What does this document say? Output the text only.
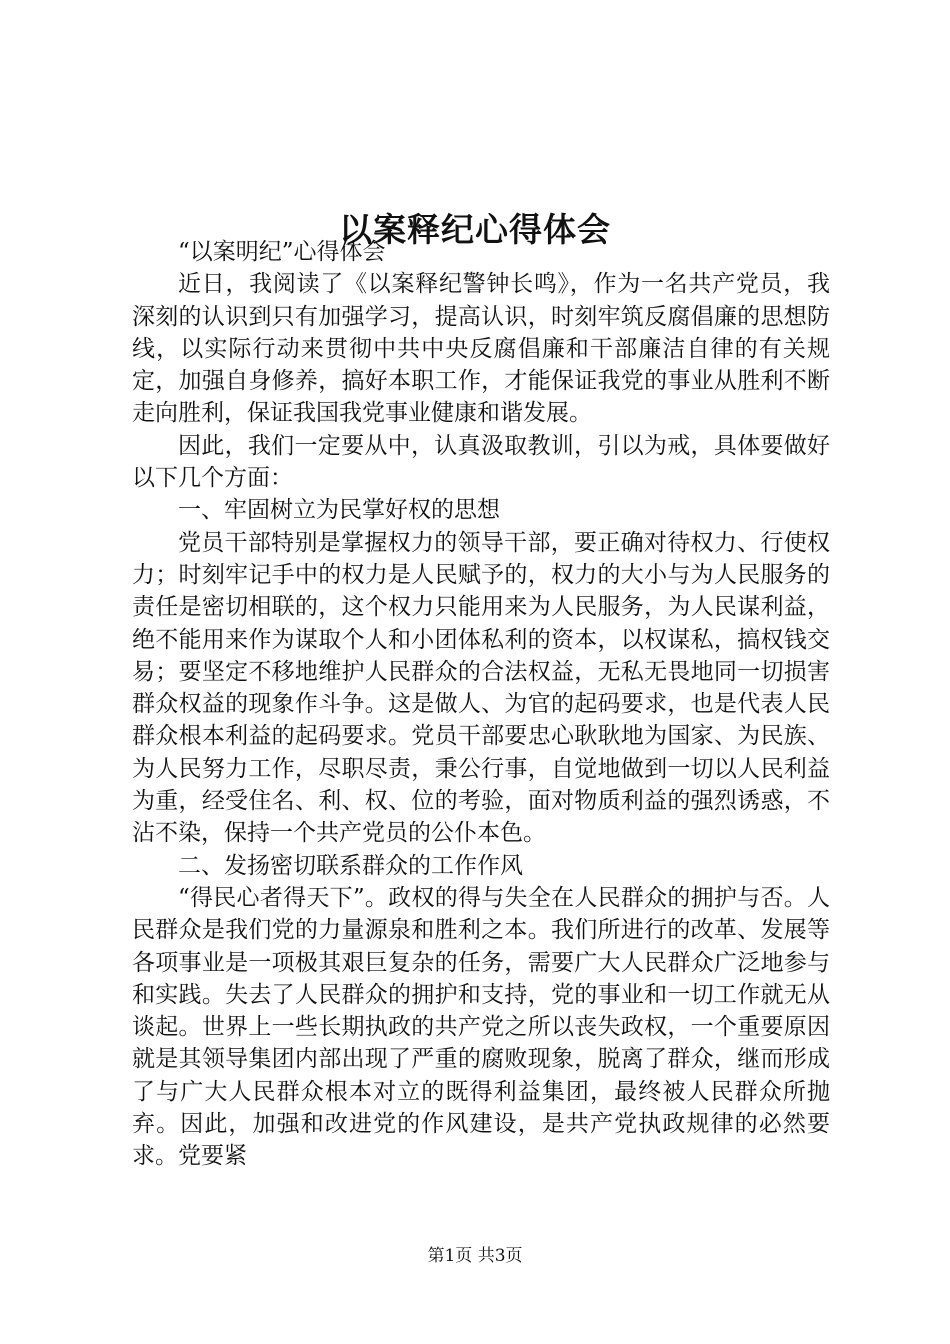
以案释纪心得体会

“以案明纪”心得体会

近日，我阅读了《以案释纪警钟长鸣》，作为一名共产党员，我深刻的认识到只有加强学习，提高认识，时刻牢筑反腐倡廉的思想防线，以实际行动来贯彻中共中央反腐倡廉和干部廉洁自律的有关规定，加强自身修养，搞好本职工作，才能保证我党的事业从胜利不断走向胜利，保证我国我党事业健康和谐发展。

因此，我们一定要从中，认真汲取教训，引以为戒，具体要做好以下几个方面：

一、牢固树立为民掌好权的思想

党员干部特别是掌握权力的领导干部，要正确对待权力、行使权力；时刻牢记手中的权力是人民赋予的，权力的大小与为人民服务的责任是密切相联的，这个权力只能用来为人民服务，为人民谋利益，绝不能用来作为谋取个人和小团体私利的资本，以权谋私，搞权钱交易；要坚定不移地维护人民群众的合法权益，无私无畏地同一切损害群众权益的现象作斗争。这是做人、为官的起码要求，也是代表人民群众根本利益的起码要求。党员干部要忠心耿耿地为国家、为民族、为人民努力工作，尽职尽责，秉公行事，自觉地做到一切以人民利益为重，经受住名、利、权、位的考验，面对物质利益的强烈诱惑，不沾不染，保持一个共产党员的公仆本色。

二、发扬密切联系群众的工作作风

“得民心者得天下”。政权的得与失全在人民群众的拥护与否。人民群众是我们党的力量源泉和胜利之本。我们所进行的改革、发展等各项事业是一项极其艰巨复杂的任务，需要广大人民群众广泛地参与和实践。失去了人民群众的拥护和支持，党的事业和一切工作就无从谈起。世界上一些长期执政的共产党之所以丧失政权，一个重要原因就是其领导集团内部出现了严重的腐败现象，脱离了群众，继而形成了与广大人民群众根本对立的既得利益集团，最终被人民群众所抛弃。因此，加强和改进党的作风建设，是共产党执政规律的必然要求。党要紧

第1页 共3页
